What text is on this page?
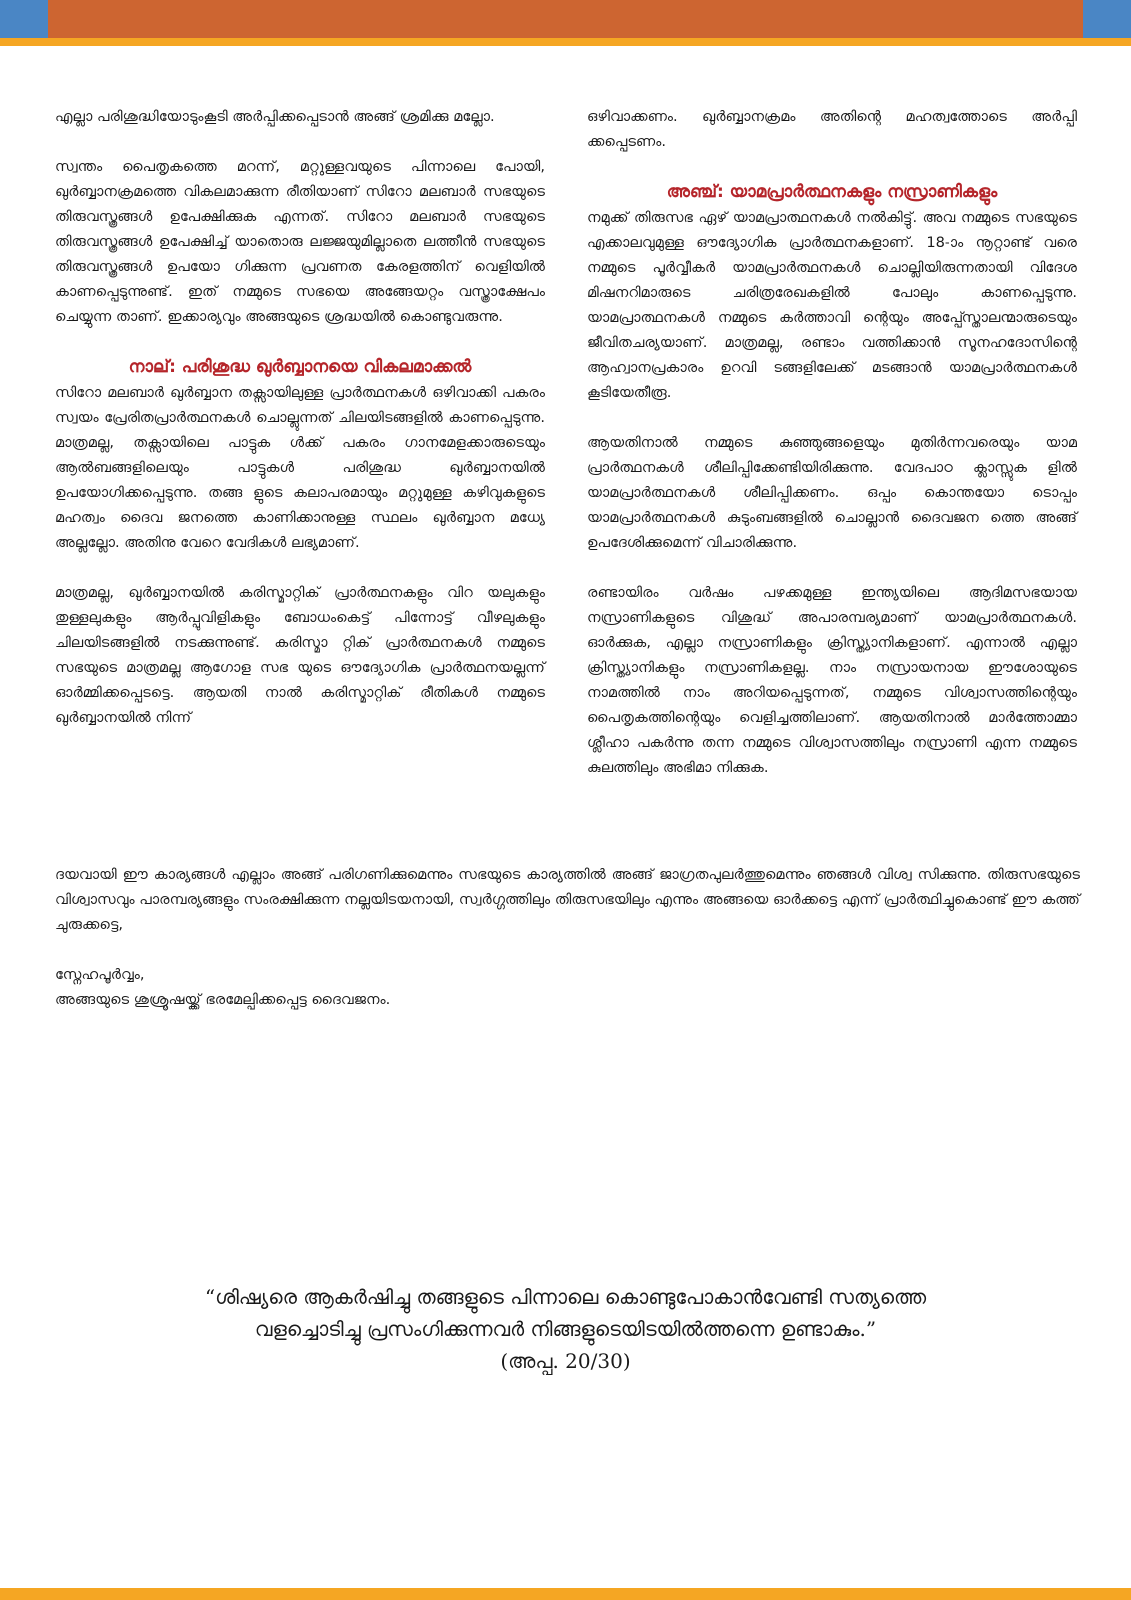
എല്ലാ പരിശുദ്ധിയോടുംകൂടി അർപ്പിക്കപ്പെടാൻ അങ്ങ് ശ്രമിക്കു മല്ലോ.

സ്വന്തം പൈതൃകത്തെ മറന്ന്, മറ്റുള്ളവയുടെ പിന്നാലെ പോയി, ഖുർബ്ബാനക്രമത്തെ വികലമാക്കുന്ന രീതിയാണ് സിറോ മലബാർ സഭയുടെ തിരുവസ്ത്രങ്ങൾ ഉപേക്ഷിക്കുക എന്നത്. സിറോ മലബാർ സഭയുടെ തിരുവസ്ത്രങ്ങൾ ഉപേക്ഷിച്ച് യാതൊരു ലജ്ജയുമില്ലാതെ ലത്തീൻ സഭയുടെ തിരുവസ്ത്രങ്ങൾ ഉപയോ ഗിക്കുന്ന പ്രവണത കേരളത്തിന് വെളിയിൽ കാണപ്പെടുന്നുണ്ട്. ഇത് നമ്മുടെ സഭയെ അങ്ങേയറ്റം വസ്ത്രാക്ഷേപം ചെയ്യുന്ന താണ്. ഇക്കാര്യവും അങ്ങയുടെ ശ്രദ്ധയിൽ കൊണ്ടുവരുന്നു.

നാല്: പരിശുദ്ധ ഖുർബ്ബാനയെ വികലമാക്കൽ

സിറോ മലബാർ ഖുർബ്ബാന തക്സായിലുള്ള പ്രാർത്ഥനകൾ ഒഴിവാക്കി പകരം സ്വയം പ്രേരിതപ്രാർത്ഥനകൾ ചൊല്ലുന്നത് ചിലയിടങ്ങളിൽ കാണപ്പെടുന്നു. മാത്രമല്ല, തക്സായിലെ പാട്ടുക ൾക്ക് പകരം ഗാനമേളക്കാരുടെയും ആൽബങ്ങളിലെയും പാട്ടുകൾ പരിശുദ്ധ ഖുർബ്ബാനയിൽ ഉപയോഗിക്കപ്പെടുന്നു. തങ്ങ ളുടെ കലാപരമായും മറ്റുമുള്ള കഴിവുകളുടെ മഹത്വം ദൈവ ജനത്തെ കാണിക്കാനുള്ള സ്ഥലം ഖുർബ്ബാന മധ്യേ അല്ലല്ലോ. അതിനു വേറെ വേദികൾ ലഭ്യമാണ്.

മാത്രമല്ല, ഖുർബ്ബാനയിൽ കരിസ്മാറ്റിക് പ്രാർത്ഥനകളും വിറ യലുകളും തുള്ളലുകളും ആർപ്പുവിളികളും ബോധംകെട്ട് പിന്നോട്ട് വീഴലുകളും ചിലയിടങ്ങളിൽ നടക്കുന്നുണ്ട്. കരിസ്മാ റ്റിക് പ്രാർത്ഥനകൾ നമ്മുടെ സഭയുടെ മാത്രമല്ല ആഗോള സഭ യുടെ ഔദ്യോഗിക പ്രാർത്ഥനയല്ലന്ന് ഓർമ്മിക്കപ്പെടട്ടെ. ആയതി നാൽ കരിസ്മാറ്റിക് രീതികൾ നമ്മുടെ ഖുർബ്ബാനയിൽ നിന്ന്

ഒഴിവാക്കണം. ഖുർബ്ബാനക്രമം അതിന്റെ മഹത്വത്തോടെ അർപ്പി ക്കപ്പെടണം.

അഞ്ച്: യാമപ്രാർത്ഥനകളും നസ്രാണികളും

നമുക്ക് തിരുസഭ ഏഴ് യാമപ്രാത്ഥനകൾ നൽകിട്ടു്. അവ നമ്മുടെ സഭയുടെ എക്കാലവുമുള്ള ഔദ്യോഗിക പ്രാർത്ഥനകളാണ്. 18-ാം നൂറ്റാണ്ട് വരെ നമ്മുടെ പൂർവ്വീകർ യാമപ്രാർത്ഥനകൾ ചൊല്ലിയിരുന്നതായി വിദേശ മിഷനറിമാരുടെ ചരിത്രരേഖകളിൽ പോലും കാണപ്പെടുന്നു. യാമപ്രാത്ഥനകൾ നമ്മുടെ കർത്താവി ന്റെയും അപ്പ്സ്തോലന്മാരുടെയും ജീവിതചര്യയാണ്. മാത്രമല്ല, രണ്ടാം വത്തിക്കാൻ സൂനഹദോസിന്റെ ആഹ്വാനപ്രകാരം ഉറവി ടങ്ങളിലേക്ക് മടങ്ങാൻ യാമപ്രാർത്ഥനകൾ കൂടിയേതീരൂ.

ആയതിനാൽ നമ്മുടെ കുഞ്ഞുങ്ങളെയും മുതിർന്നവരെയും യാമ പ്രാർത്ഥനകൾ ശീലിപ്പിക്കേണ്ടിയിരിക്കുന്നു. വേദപാഠ ക്ലാസ്സുക ളിൽ യാമപ്രാർത്ഥനകൾ ശീലിപ്പിക്കണം. ഒപ്പം കൊന്തയോ ടൊപ്പം യാമപ്രാർത്ഥനകൾ കുടുംബങ്ങളിൽ ചൊല്ലാൻ ദൈവജന ത്തെ അങ്ങ് ഉപദേശിക്കുമെന്ന് വിചാരിക്കുന്നു.

രണ്ടായിരം വർഷം പഴക്കമുള്ള ഇന്ത്യയിലെ ആദിമസഭയായ നസ്രാണികളുടെ വിശുദ്ധ് അപാരമ്പര്യമാണ് യാമപ്രാർത്ഥനകൾ. ഓർക്കുക, എല്ലാ നസ്രാണികളും ക്രിസ്ത്യാനികളാണ്. എന്നാൽ എല്ലാ ക്രിസ്ത്യാനികളും നസ്രാണികളല്ല. നാം നസ്രായനായ ഈശോയുടെ നാമത്തിൽ നാം അറിയപ്പെടുന്നത്, നമ്മുടെ വിശ്വാസത്തിന്റെയും പൈതൃകത്തിന്റെയും വെളിച്ചത്തിലാണ്. ആയതിനാൽ മാർത്തോമ്മാ ശ്ലീഹാ പകർന്നു തന്ന നമ്മുടെ വിശ്വാസത്തിലും നസ്രാണി എന്ന നമ്മുടെ കുലത്തിലും അഭിമാ നിക്കുക.

ദയവായി ഈ കാര്യങ്ങൾ എല്ലാം അങ്ങ് പരിഗണിക്കുമെന്നും സഭയുടെ കാര്യത്തിൽ അങ്ങ് ജാഗ്രതപുലർത്തുമെന്നും ഞങ്ങൾ വിശ്വ സിക്കുന്നു. തിരുസഭയുടെ വിശ്വാസവും പാരമ്പര്യങ്ങളും സംരക്ഷിക്കുന്ന നല്ലയിടയനായി, സ്വർഗ്ഗത്തിലും തിരുസഭയിലും എന്നും അങ്ങയെ ഓർക്കട്ടെ എന്ന് പ്രാർത്ഥിച്ചുകൊണ്ട് ഈ കത്ത് ചുരുക്കട്ടെ,

സ്നേഹപൂർവ്വം,

അങ്ങയുടെ ശുശ്രൂഷയ്ക്ക് ഭരമേല്പിക്കപ്പെട്ട ദൈവജനം.

“ശിഷ്യരെ ആകർഷിച്ചു തങ്ങളുടെ പിന്നാലെ കൊണ്ടുപോകാൻവേണ്ടി സത്യത്തെ

വളച്ചൊടിച്ചു പ്രസംഗിക്കുന്നവർ നിങ്ങളുടെയിടയിൽത്തന്നെ ഉണ്ടാകും.”

(അപ്പ. 20/30)
